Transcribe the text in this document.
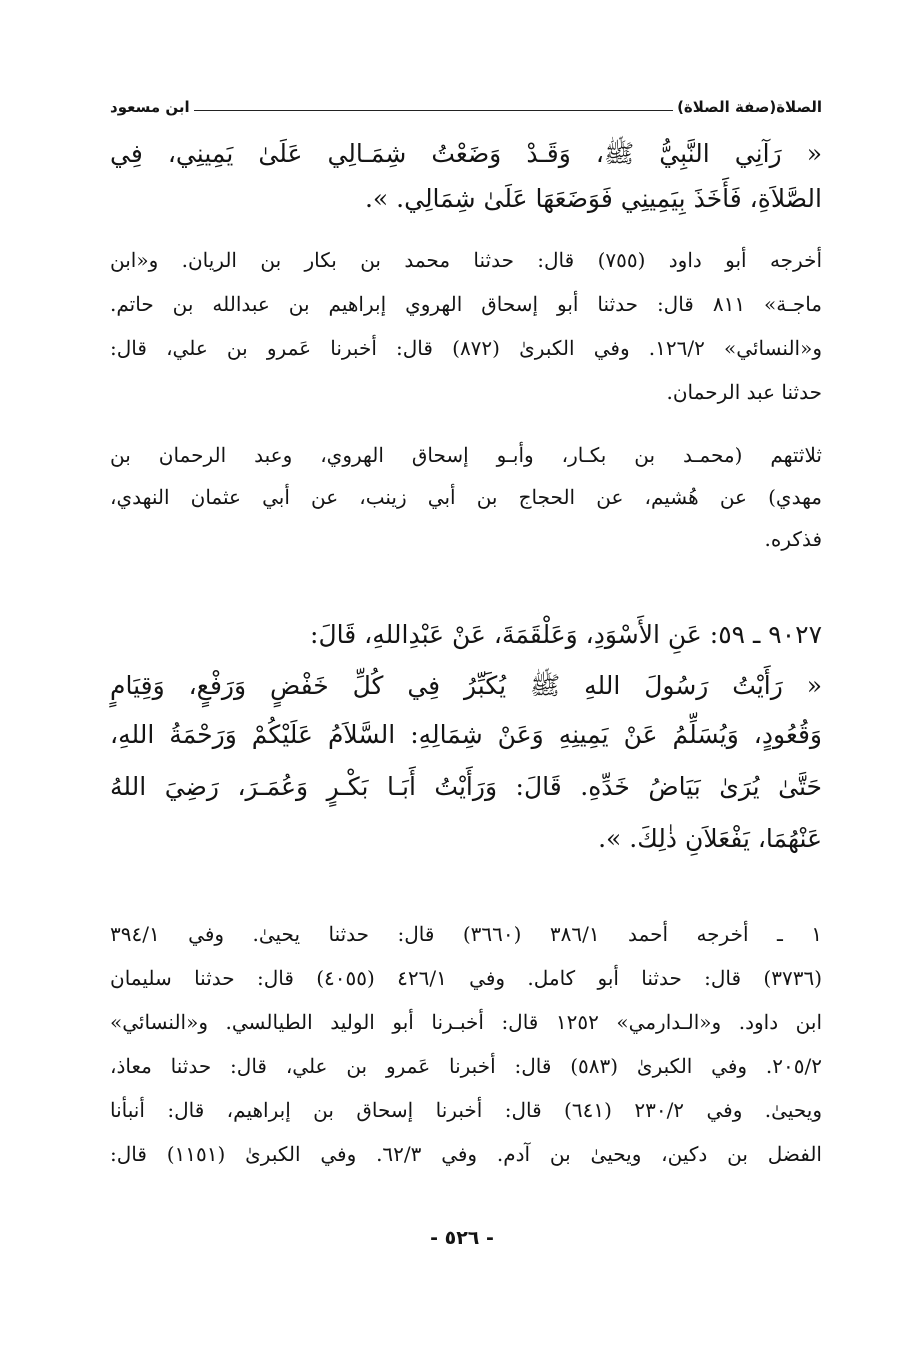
الصلاة(صفة الصلاة)
ابن مسعود
« رَآنِي النَّبِيُّ ﷺ، وَقَـدْ وَضَعْتُ شِمَـالِي عَلَىٰ يَمِينِي، فِي
الصَّلاَةِ، فَأَخَذَ بِيَمِينِي فَوَضَعَهَا عَلَىٰ شِمَالِي. ».
أخرجه أبو داود (٧٥٥) قال: حدثنا محمد بن بكار بن الريان. و«ابن
ماجـة» ٨١١ قال: حدثنا أبو إسحاق الهروي إبراهيم بن عبدالله بن حاتم.
و«النسائي» ١٢٦/٢. وفي الكبرىٰ (٨٧٢) قال: أخبرنا عَمرو بن علي، قال:
حدثنا عبد الرحمان.
ثلاثتهم (محمـد بن بكـار، وأبـو إسحاق الهروي، وعبد الرحمان بن
مهدي) عن هُشيم، عن الحجاج بن أبي زينب، عن أبي عثمان النهدي،
فذكره.
٩٠٢٧ ـ ٥٩: عَنِ الأَسْوَدِ، وَعَلْقَمَةَ، عَنْ عَبْدِاللهِ، قَالَ:
« رَأَيْتُ رَسُولَ اللهِ ﷺ يُكَبِّرُ فِي كُلِّ خَفْضٍ وَرَفْعٍ، وَقِيَامٍ
وَقُعُودٍ، وَيُسَلِّمُ عَنْ يَمِينِهِ وَعَنْ شِمَالِهِ: السَّلاَمُ عَلَيْكُمْ وَرَحْمَةُ اللهِ،
حَتَّىٰ يُرَىٰ بَيَاضُ خَدِّهِ. قَالَ: وَرَأَيْتُ أَبَـا بَكْـرٍ وَعُمَـرَ، رَضِيَ اللهُ
عَنْهُمَا، يَفْعَلاَنِ ذٰلِكَ. ».
١ ـ أخرجه أحمد ٣٨٦/١ (٣٦٦٠) قال: حدثنا يحيىٰ. وفي ٣٩٤/١
(٣٧٣٦) قال: حدثنا أبو كامل. وفي ٤٢٦/١ (٤٠٥٥) قال: حدثنا سليمان
ابن داود. و«الـدارمي» ١٢٥٢ قال: أخبـرنا أبو الوليد الطيالسي. و«النسائي»
٢٠٥/٢. وفي الكبرىٰ (٥٨٣) قال: أخبرنا عَمرو بن علي، قال: حدثنا معاذ،
ويحيىٰ. وفي ٢٣٠/٢ (٦٤١) قال: أخبرنا إسحاق بن إبراهيم، قال: أنبأنا
الفضل بن دكين، ويحيىٰ بن آدم. وفي ٦٢/٣. وفي الكبرىٰ (١١٥١) قال:
- ٥٢٦ -
